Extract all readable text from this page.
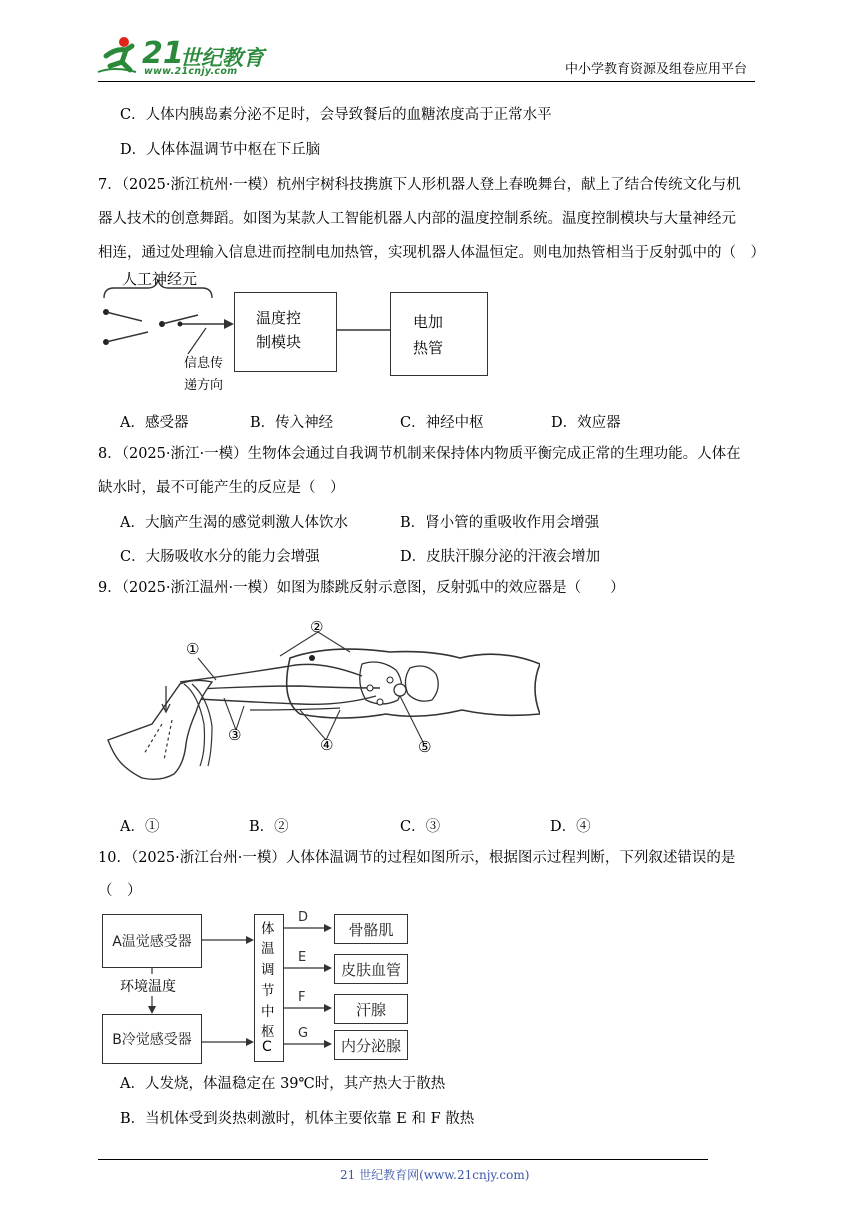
21
世纪教育
www.21cnjy.com	中小学教育资源及组卷应用平台
C．人体内胰岛素分泌不足时，会导致餐后的血糖浓度高于正常水平
D．人体体温调节中枢在下丘脑
7．（2025·浙江杭州·一模）杭州宇树科技携旗下人形机器人登上春晚舞台，献上了结合传统文化与机
器人技术的创意舞蹈。如图为某款人工智能机器人内部的温度控制系统。温度控制模块与大量神经元
相连，通过处理输入信息进而控制电加热管，实现机器人体温恒定。则电加热管相当于反射弧中的（　）
人工神经元
温度控
制模块
电加
热管
信息传
递方向
A．感受器	B．传入神经	C．神经中枢	D．效应器
8．（2025·浙江·一模）生物体会通过自我调节机制来保持体内物质平衡完成正常的生理功能。人体在
缺水时，最不可能产生的反应是（　）
A．大脑产生渴的感觉刺激人体饮水	B．肾小管的重吸收作用会增强
C．大肠吸收水分的能力会增强	D．皮肤汗腺分泌的汗液会增加
9．（2025·浙江温州·一模）如图为膝跳反射示意图，反射弧中的效应器是（　　）
①
②
③
④	⑤
A．①	B．②	C．③	D．④
10．（2025·浙江台州·一模）人体体温调节的过程如图所示，根据图示过程判断，下列叙述错误的是
（　）
A温觉感受器
环境温度
B冷觉感受器
体
温
调
节
中
枢
C
D
E
F
G
骨骼肌
皮肤血管
汗腺
内分泌腺
A．人发烧，体温稳定在 39℃时，其产热大于散热
B．当机体受到炎热刺激时，机体主要依靠 E 和 F 散热
21 世纪教育网(www.21cnjy.com)
